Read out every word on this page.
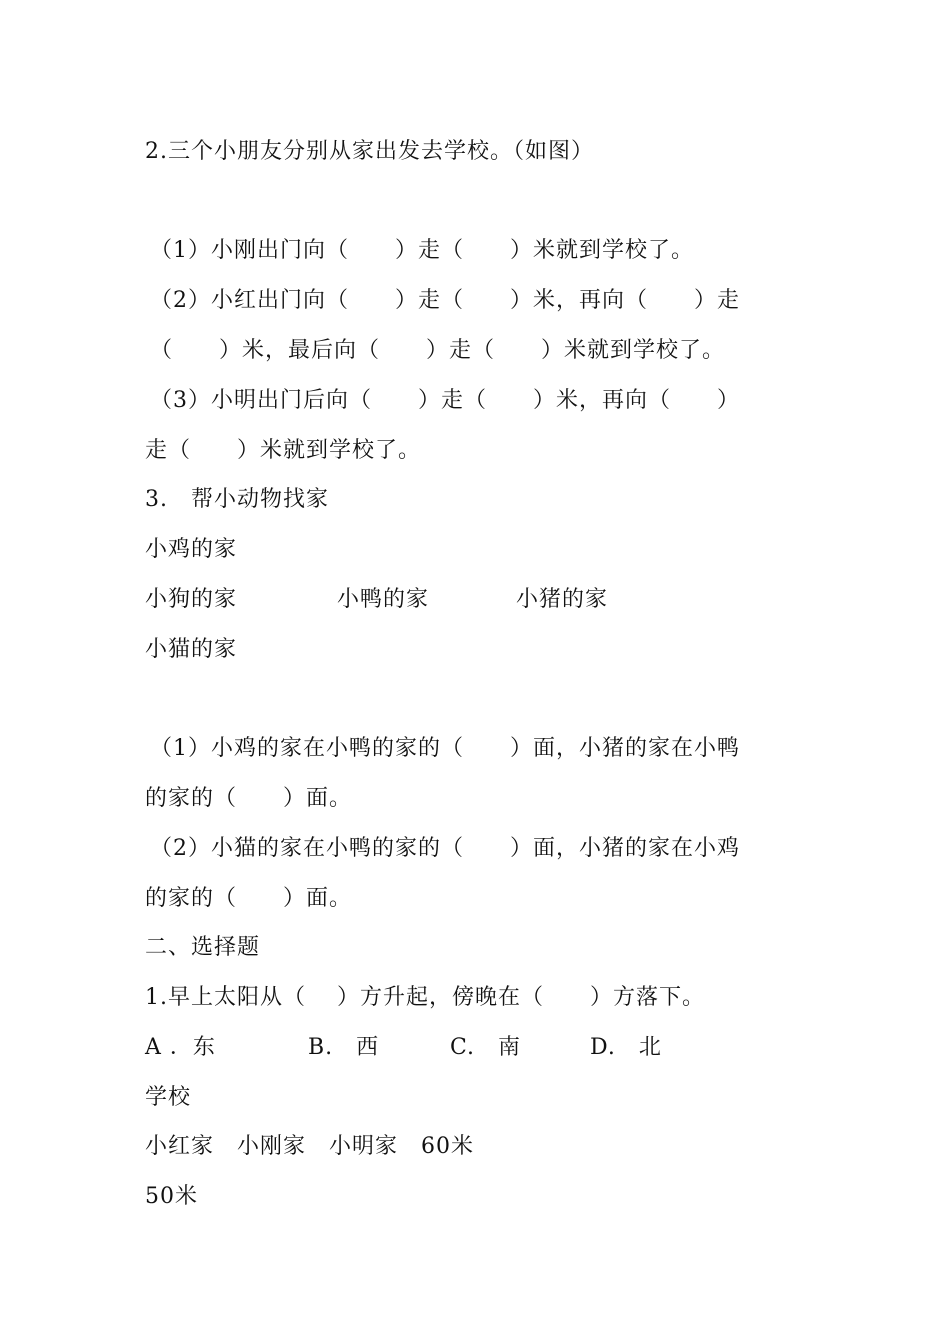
2.三个小朋友分别从家出发去学校。（如图）
（1）小刚出门向（　　）走（　　）米就到学校了。
（2）小红出门向（　　）走（　　）米，再向（　　）走
（　　）米，最后向（　　）走（　　）米就到学校了。
（3）小明出门后向（　　）走（　　）米，再向（　　）
走（　　）米就到学校了。
3.　帮小动物找家
小鸡的家
小狗的家	小鸭的家	小猪的家
小猫的家
（1）小鸡的家在小鸭的家的（　　）面，小猪的家在小鸭
的家的（　　）面。
（2）小猫的家在小鸭的家的（　　）面，小猪的家在小鸡
的家的（　　）面。
二、选择题
1.早上太阳从（　 ）方升起，傍晚在（　　）方落下。
A ．东	B.　西	C.　南	D.　北
学校
小红家　小刚家　小明家　60米
50米
